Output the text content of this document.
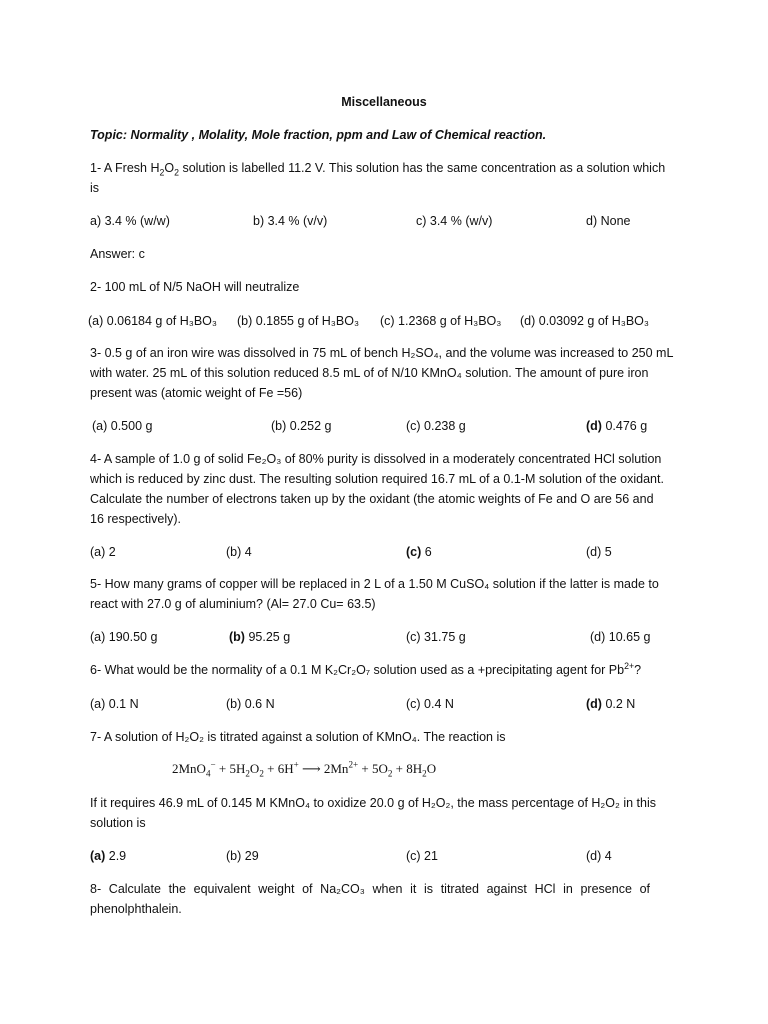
Miscellaneous
Topic: Normality , Molality, Mole fraction, ppm and Law of Chemical reaction.
1- A Fresh $H_2O_2$ solution is labelled 11.2 V. This solution has the same concentration as a solution which
is
a) 3.4 % (w/w)	b) 3.4 % (v/v)	c) 3.4 % (w/v)	d) None
Answer: c
2- 100 mL of N/5 NaOH will neutralize
(a) 0.06184 g of H₃BO₃ (b) 0.1855 g of H₃BO₃ (c) 1.2368 g of H₃BO₃ (d) 0.03092 g of H₃BO₃
3- 0.5 g of an iron wire was dissolved in 75 mL of bench H₂SO₄, and the volume was increased to 250 mL
with water. 25 mL of this solution reduced 8.5 mL of of N/10 KMnO₄ solution. The amount of pure iron
present was (atomic weight of Fe =56)
(a) 0.500 g	(b) 0.252 g	(c) 0.238 g	(d) 0.476 g
4- A sample of 1.0 g of solid Fe₂O₃ of 80% purity is dissolved in a moderately concentrated HCl solution
which is reduced by zinc dust. The resulting solution required 16.7 mL of a 0.1-M solution of the oxidant.
Calculate the number of electrons taken up by the oxidant (the atomic weights of Fe and O are 56 and
16 respectively).
(a) 2	(b) 4	(c) 6	(d) 5
5- How many grams of copper will be replaced in 2 L of a 1.50 M CuSO₄ solution if the latter is made to
react with 27.0 g of aluminium? (Al= 27.0 Cu= 63.5)
(a) 190.50 g	(b) 95.25 g	(c) 31.75 g	(d) 10.65 g
6- What would be the normality of a 0.1 M K₂Cr₂O₇ solution used as a +precipitating agent for $Pb^{2+}$?
(a) 0.1 N	(b) 0.6 N	(c) 0.4 N	(d) 0.2 N
7- A solution of H₂O₂ is titrated against a solution of KMnO₄. The reaction is
$2MnO_4^- + 5H_2O_2 + 6H^+$ ⟶ $2Mn^{2+} + 5O_2 + 8H_2O$
If it requires 46.9 mL of 0.145 M KMnO₄ to oxidize 20.0 g of H₂O₂, the mass percentage of H₂O₂ in this
solution is
(a) 2.9	(b) 29	(c) 21	(d) 4
8- Calculate the equivalent weight of Na₂CO₃ when it is titrated against HCl in presence of
phenolphthalein.
